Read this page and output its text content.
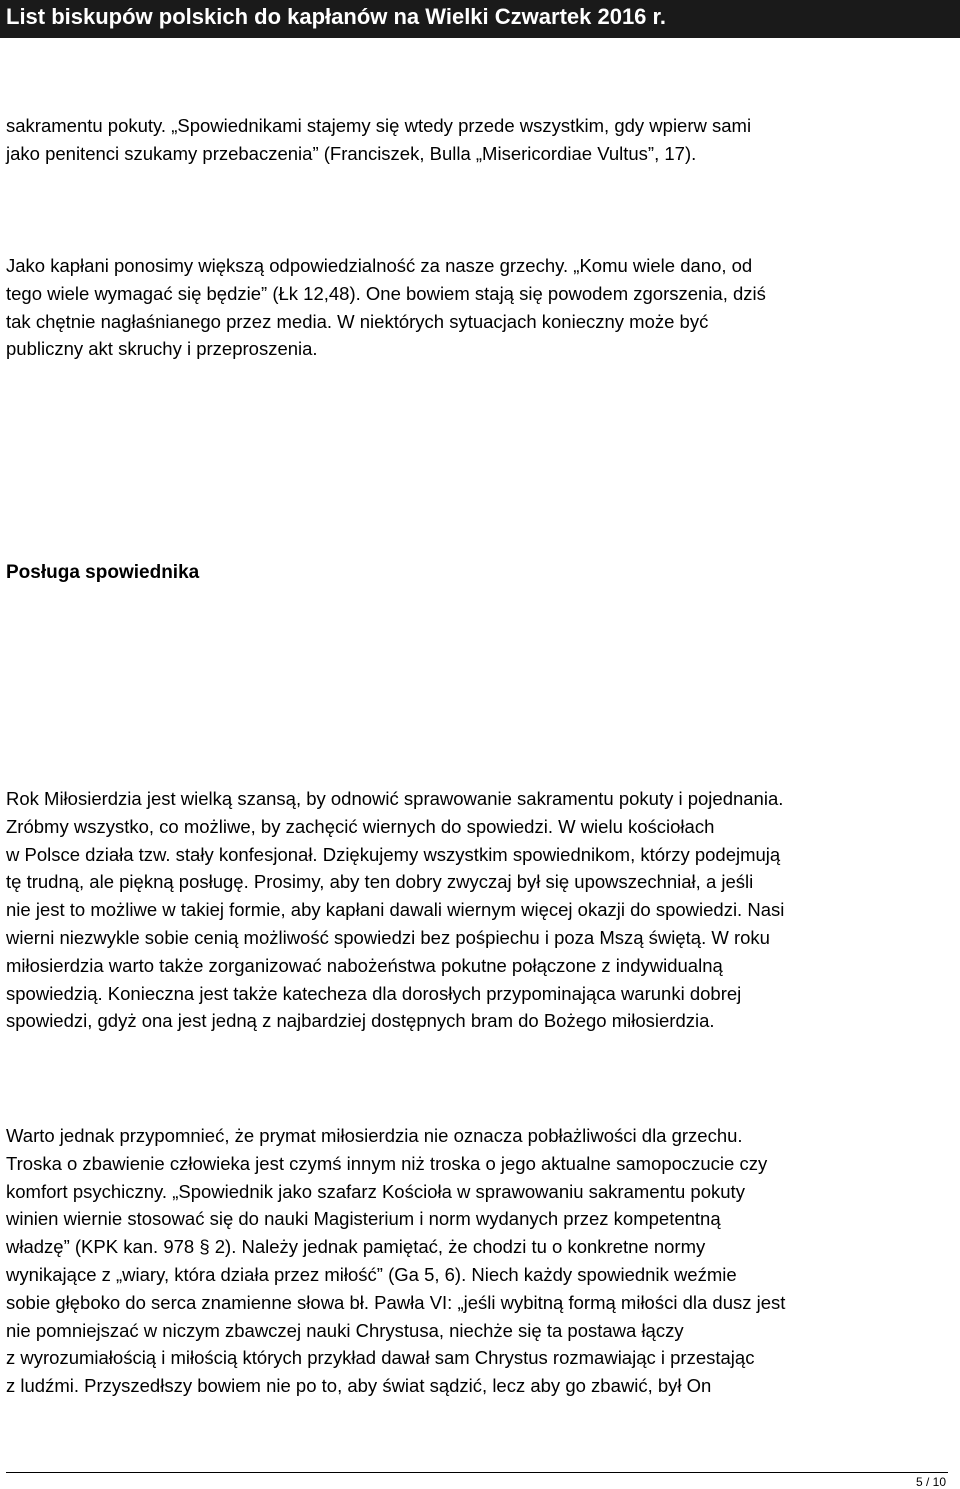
List biskupów polskich do kapłanów na Wielki Czwartek 2016 r.
sakramentu pokuty. „Spowiednikami stajemy się wtedy przede wszystkim, gdy wpierw sami
jako penitenci szukamy przebaczenia” (Franciszek, Bulla „Misericordiae Vultus”, 17).
Jako kapłani ponosimy większą odpowiedzialność za nasze grzechy. „Komu wiele dano, od
tego wiele wymagać się będzie” (Łk 12,48). One bowiem stają się powodem zgorszenia, dziś
tak chętnie nagłaśnianego przez media. W niektórych sytuacjach konieczny może być
publiczny akt skruchy i przeproszenia.
Posługa spowiednika
Rok Miłosierdzia jest wielką szansą, by odnowić sprawowanie sakramentu pokuty i pojednania.
Zróbmy wszystko, co możliwe, by zachęcić wiernych do spowiedzi. W wielu kościołach
w Polsce działa tzw. stały konfesjonał. Dziękujemy wszystkim spowiednikom, którzy podejmują
tę trudną, ale piękną posługę. Prosimy, aby ten dobry zwyczaj był się upowszechniał, a jeśli
nie jest to możliwe w takiej formie, aby kapłani dawali wiernym więcej okazji do spowiedzi. Nasi
wierni niezwykle sobie cenią możliwość spowiedzi bez pośpiechu i poza Mszą świętą. W roku
miłosierdzia warto także zorganizować nabożeństwa pokutne połączone z indywidualną
spowiedzią. Konieczna jest także katecheza dla dorosłych przypominająca warunki dobrej
spowiedzi, gdyż ona jest jedną z najbardziej dostępnych bram do Bożego miłosierdzia.
Warto jednak przypomnieć, że prymat miłosierdzia nie oznacza pobłażliwości dla grzechu.
Troska o zbawienie człowieka jest czymś innym niż troska o jego aktualne samopoczucie czy
komfort psychiczny. „Spowiednik jako szafarz Kościoła w sprawowaniu sakramentu pokuty
winien wiernie stosować się do nauki Magisterium i norm wydanych przez kompetentną
władzę” (KPK kan. 978 § 2). Należy jednak pamiętać, że chodzi tu o konkretne normy
wynikające z „wiary, która działa przez miłość” (Ga 5, 6). Niech każdy spowiednik weźmie
sobie głęboko do serca znamienne słowa bł. Pawła VI: „jeśli wybitną formą miłości dla dusz jest
nie pomniejszać w niczym zbawczej nauki Chrystusa, niechże się ta postawa łączy
z wyrozumiałością i miłością których przykład dawał sam Chrystus rozmawiając i przestając
z ludźmi. Przyszedłszy bowiem nie po to, aby świat sądzić, lecz aby go zbawić, był On
5 / 10
